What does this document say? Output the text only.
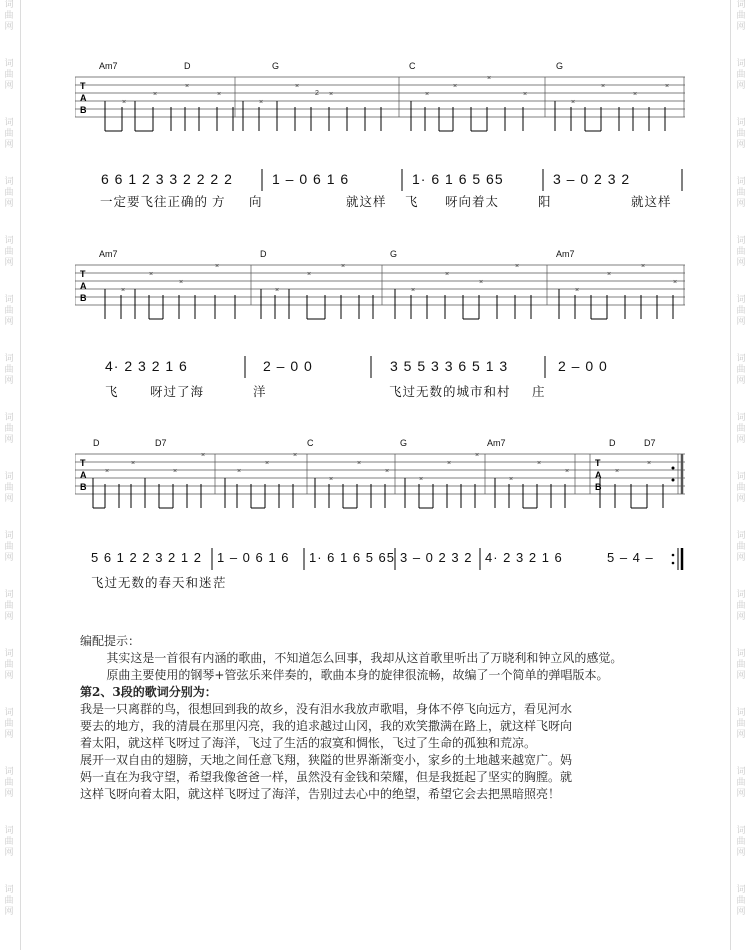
词
曲
网
词
曲
网
词
曲
网
词
曲
网
词
曲
网
词
曲
网
词
曲
网
词
曲
网
词
曲
网
词
曲
网
词
曲
网
词
曲
网
词
曲
网
词
曲
网
词
曲
网
词
曲
网
词
曲
网
词
曲
网
词
曲
网
词
曲
网
词
曲
网
词
曲
网
词
曲
网
词
曲
网
词
曲
网
词
曲
网
词
曲
网
词
曲
网
词
曲
网
词
曲
网
词
曲
网
词
曲
网
Am7	D	G	C	G
×
×
×
×
×
×
×
2	×
×
×
×
×
×
×
×
T
A
B
6 6 1 2 3 3 2 2 2 2	1 – 0 6 1 6	1· 6 1 6 5 65	3 – 0 2 3 2
一定要飞往正确的 方 向	就这样 飞 呀向着太	阳	就这样
Am7	D	G	Am7
×
×
×
×
×
×
×
×
×
×
×
×
×
×
×
T
A
B
4· 2 3 2 1 6	2 – 0 0	3 5 5 3 3 6 5 1 3	2 – 0 0
飞	呀过了海	洋	飞过无数的城市和村 庄
D	D7	C	G	Am7	D	D7
×
×
×
×
×
×
×
×
×
×
×
×
×
×
×
×	×
×
T
A
B
T
A
B
5 6 1 2 2 3 2 1 2 1 – 0 6 1 6 1· 6 1 6 5 65 3 – 0 2 3 2 4· 2 3 2 1 6	5 – 4 –
飞过无数的春天和迷 茫

编配提示：

其实这是一首很有内涵的歌曲，不知道怎么回事，我却从这首歌里听出了万晓利和钟立风的感觉。

原曲主要使用的钢琴+管弦乐来伴奏的，歌曲本身的旋律很流畅，故编了一个简单的弹唱版本。

第2、3段的歌词分别为：

我是一只离群的鸟，很想回到我的故乡，没有泪水我放声歌唱，身体不停飞向远方，看见河水

要去的地方，我的清晨在那里闪亮，我的追求越过山冈，我的欢笑撒满在路上，就这样飞呀向

着太阳，就这样飞呀过了海洋，飞过了生活的寂寞和惆怅，飞过了生命的孤独和荒凉。

展开一双自由的翅膀，天地之间任意飞翔，狭隘的世界渐渐变小，家乡的土地越来越宽广。妈

妈一直在为我守望，希望我像爸爸一样，虽然没有金钱和荣耀，但是我挺起了坚实的胸膛。就

这样飞呀向着太阳，就这样飞呀过了海洋，告别过去心中的绝望，希望它会去把黑暗照亮！
